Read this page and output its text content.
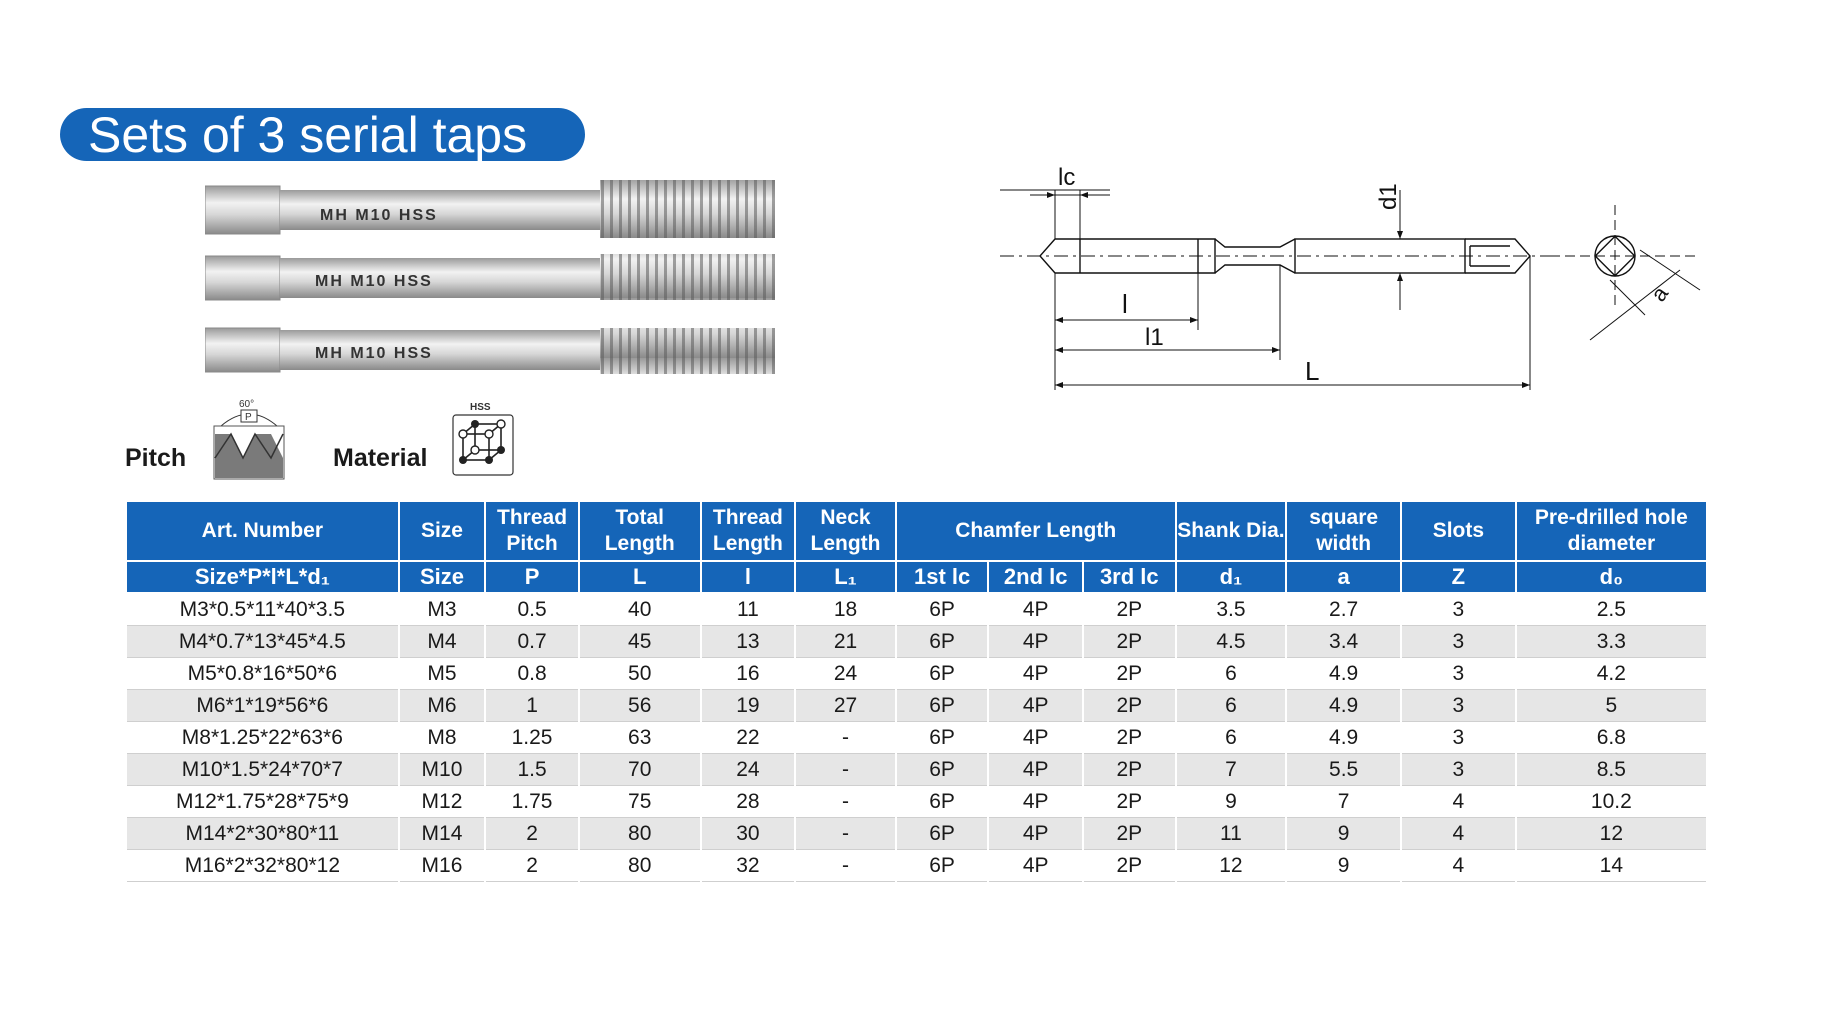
Sets of 3 serial taps
MH M10 HSS
MH M10 HSS
MH M10 HSS
Pitch
60°
P
Material
HSS
lc
d1
l
l1
L
a
Art. Number	Size	Thread Pitch	Total Length	Thread Length	Neck Length	Chamfer Length			Shank Dia.	square width	Slots	Pre-drilled hole diameter
Size*P*l*L*d₁	Size	P	L	l	L₁	1st lc	2nd lc	3rd lc	d₁	a	Z	d₀
M3*0.5*11*40*3.5	M3	0.5	40	11	18	6P	4P	2P	3.5	2.7	3	2.5
M4*0.7*13*45*4.5	M4	0.7	45	13	21	6P	4P	2P	4.5	3.4	3	3.3
M5*0.8*16*50*6	M5	0.8	50	16	24	6P	4P	2P	6	4.9	3	4.2
M6*1*19*56*6	M6	1	56	19	27	6P	4P	2P	6	4.9	3	5
M8*1.25*22*63*6	M8	1.25	63	22	-	6P	4P	2P	6	4.9	3	6.8
M10*1.5*24*70*7	M10	1.5	70	24	-	6P	4P	2P	7	5.5	3	8.5
M12*1.75*28*75*9	M12	1.75	75	28	-	6P	4P	2P	9	7	4	10.2
M14*2*30*80*11	M14	2	80	30	-	6P	4P	2P	11	9	4	12
M16*2*32*80*12	M16	2	80	32	-	6P	4P	2P	12	9	4	14
